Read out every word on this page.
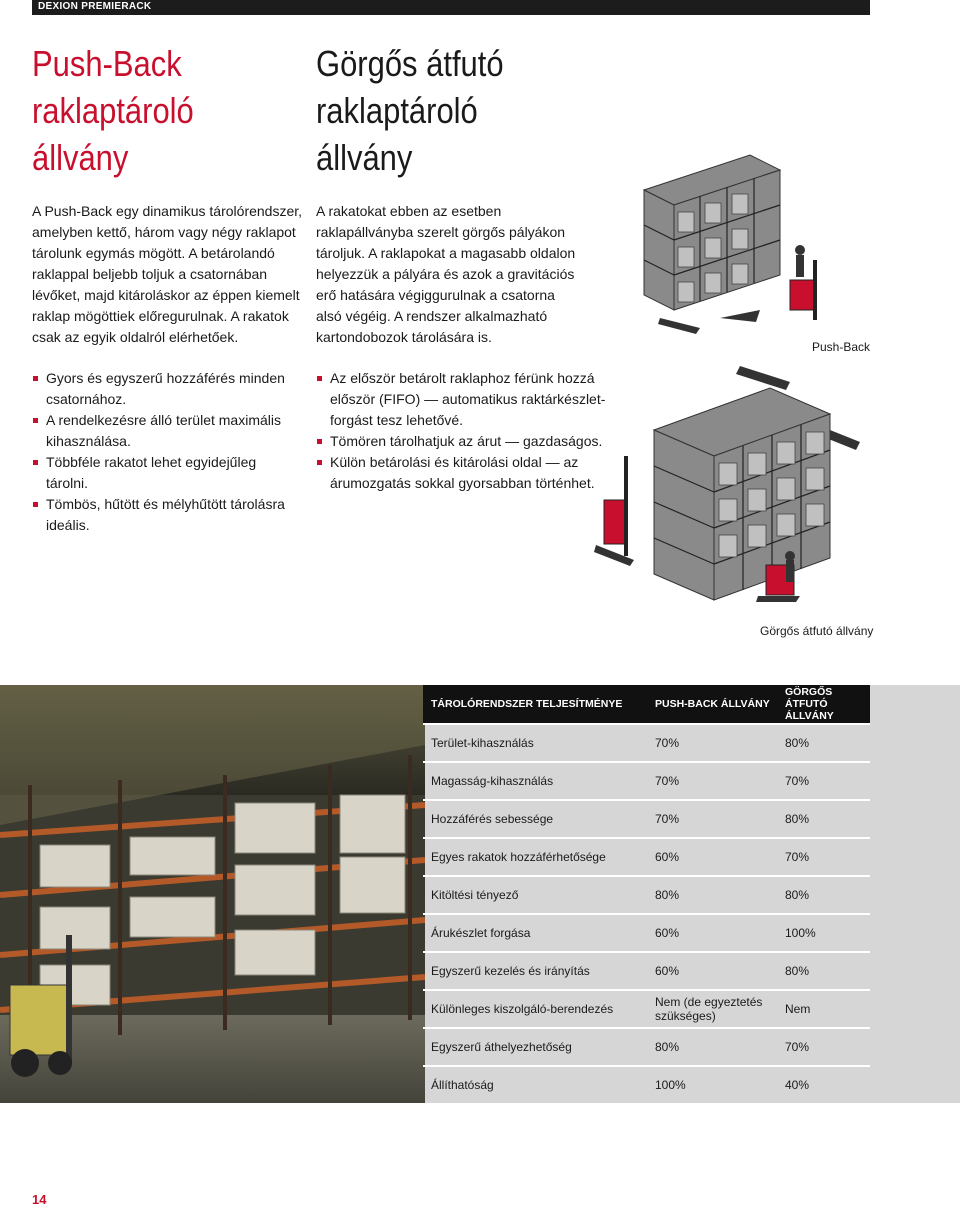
DEXION PREMIERACK
Push-Back raklaptároló állvány
Görgős átfutó raklaptároló állvány

A Push-Back egy dinamikus tárolórendszer, amelyben kettő, három vagy négy raklapot tárolunk egymás mögött. A betárolandó raklappal beljebb toljuk a csatornában lévőket, majd kitároláskor az éppen kiemelt raklap mögöttiek előregurulnak. A rakatok csak az egyik oldalról elérhetőek.

A rakatokat ebben az esetben raklapállványba szerelt görgős pályákon tároljuk. A raklapokat a magasabb oldalon helyezzük a pályára és azok a gravitációs erő hatására végiggurulnak a csatorna alsó végéig. A rendszer alkalmazható kartondobozok tárolására is.

Gyors és egyszerű hozzáférés minden csatornához.
A rendelkezésre álló terület maximális kihasználása.
Többféle rakatot lehet egyidejűleg tárolni.
Tömbös, hűtött és mélyhűtött tárolásra ideális.
Az először betárolt raklaphoz férünk hozzá először (FIFO) — automatikus raktárkészlet-forgást tesz lehetővé.
Tömören tárolhatjuk az árut — gazdaságos.
Külön betárolási és kitárolási oldal — az árumozgatás sokkal gyorsabban történhet.
Push-Back
Görgős átfutó állvány
TÁROLÓRENDSZER TELJESÍTMÉNYE	PUSH-BACK ÁLLVÁNY	GÖRGŐS ÁTFUTÓ ÁLLVÁNY
Terület-kihasználás	70%	80%
Magasság-kihasználás	70%	70%
Hozzáférés sebessége	70%	80%
Egyes rakatok hozzáférhetősége	60%	70%
Kitöltési tényező	80%	80%
Árukészlet forgása	60%	100%
Egyszerű kezelés és irányítás	60%	80%
Különleges kiszolgáló-berendezés	Nem (de egyeztetés szükséges)	Nem
Egyszerű áthelyezhetőség	80%	70%
Állíthatóság	100%	40%
14
